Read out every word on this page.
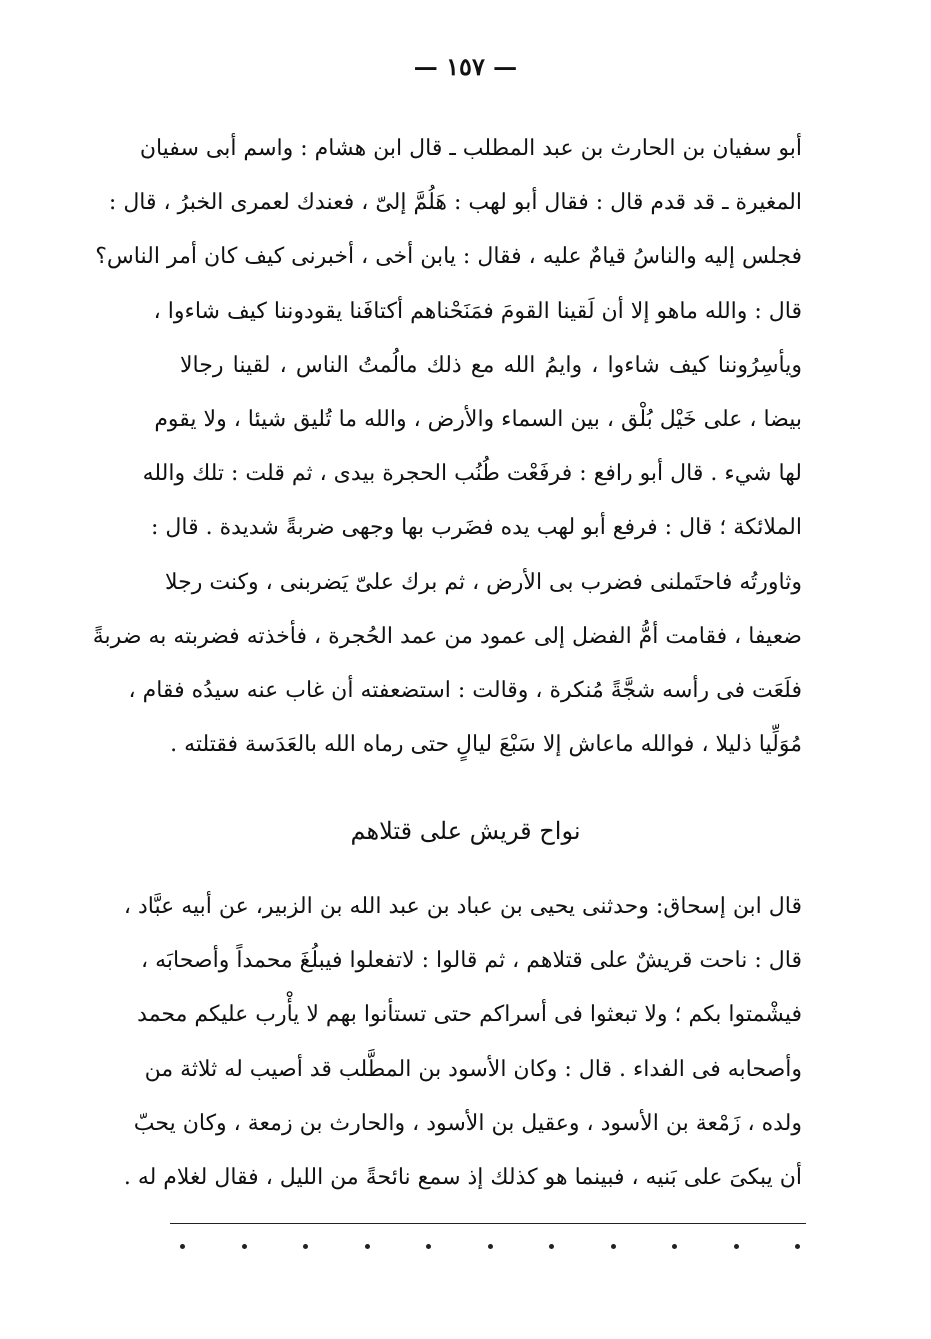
— ١٥٧ —
أبو سفيان بن الحارث بن عبد المطلب ـ قال ابن هشام : واسم أبى سفيان
المغيرة ـ قد قدم قال : فقال أبو لهب : هَلُمَّ إلىّ ، فعندك لعمرى الخبرُ ، قال :
فجلس إليه والناسُ قيامٌ عليه ، فقال : يابن أخى ، أخبرنى كيف كان أمر الناس؟
قال : والله ماهو إلا أن لَقينا القومَ فمَنَحْناهم أكتافَنا يقودوننا كيف شاءوا ،
ويأسِرُوننا كيف شاءوا ، وايمُ الله مع ذلك مالُمتُ الناس ، لقينا رجالا
بيضا ، على خَيْل بُلْق ، بين السماء والأرض ، والله ما تُليق شيئا ، ولا يقوم
لها شيء . قال أبو رافع : فرفَعْت طُنُب الحجرة بيدى ، ثم قلت : تلك والله
الملائكة ؛ قال : فرفع أبو لهب يده فضَرب بها وجهى ضربةً شديدة . قال :
وثاورتُه فاحتَملنى فضرب بى الأرض ، ثم برك علىّ يَضربنى ، وكنت رجلا
ضعيفا ، فقامت أمُّ الفضل إلى عمود من عمد الحُجرة ، فأخذته فضربته به ضربةً
فلَعَت فى رأسه شجَّةً مُنكرة ، وقالت : استضعفته أن غاب عنه سيدُه فقام ،
مُوَلِّيا ذليلا ، فوالله ماعاش إلا سَبْعَ ليالٍ حتى رماه الله بالعَدَسة فقتلته .
نواح قريش على قتلاهم
قال ابن إسحاق: وحدثنى يحيى بن عباد بن عبد الله بن الزبير، عن أبيه عبَّاد ،
قال : ناحت قريشٌ على قتلاهم ، ثم قالوا : لاتفعلوا فيبلُغَ محمداً وأصحابَه ،
فيشْمتوا بكم ؛ ولا تبعثوا فى أسراكم حتى تستأنوا بهم لا يأْرب عليكم محمد
وأصحابه فى الفداء . قال : وكان الأسود بن المطَّلب قد أصيب له ثلاثة من
ولده ، زَمْعة بن الأسود ، وعقيل بن الأسود ، والحارث بن زمعة ، وكان يحبّ
أن يبكىَ على بَنيه ، فبينما هو كذلك إذ سمع نائحةً من الليل ، فقال لغلام له .
